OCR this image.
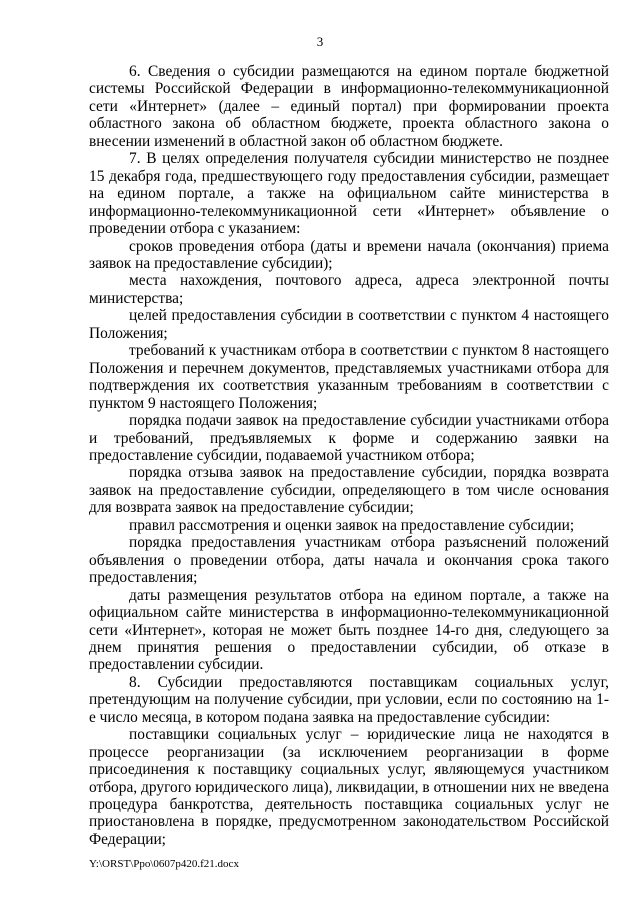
3

6. Сведения о субсидии размещаются на едином портале бюджетной системы Российской Федерации в информационно-телекоммуникационной сети «Интернет» (далее – единый портал) при формировании проекта областного закона об областном бюджете, проекта областного закона о внесении изменений в областной закон об областном бюджете.

7. В целях определения получателя субсидии министерство не позднее 15 декабря года, предшествующего году предоставления субсидии, размещает на едином портале, а также на официальном сайте министерства в информационно-телекоммуникационной сети «Интернет» объявление о проведении отбора с указанием:

сроков проведения отбора (даты и времени начала (окончания) приема заявок на предоставление субсидии);

места нахождения, почтового адреса, адреса электронной почты министерства;

целей предоставления субсидии в соответствии с пунктом 4 настоящего Положения;

требований к участникам отбора в соответствии с пунктом 8 настоящего Положения и перечнем документов, представляемых участниками отбора для подтверждения их соответствия указанным требованиям в соответствии с пунктом 9 настоящего Положения;

порядка подачи заявок на предоставление субсидии участниками отбора и требований, предъявляемых к форме и содержанию заявки на предоставление субсидии, подаваемой участником отбора;

порядка отзыва заявок на предоставление субсидии, порядка возврата заявок на предоставление субсидии, определяющего в том числе основания для возврата заявок на предоставление субсидии;

правил рассмотрения и оценки заявок на предоставление субсидии;

порядка предоставления участникам отбора разъяснений положений объявления о проведении отбора, даты начала и окончания срока такого предоставления;

даты размещения результатов отбора на едином портале, а также на официальном сайте министерства в информационно-телекоммуникационной сети «Интернет», которая не может быть позднее 14-го дня, следующего за днем принятия решения о предоставлении субсидии, об отказе в предоставлении субсидии.

8. Субсидии предоставляются поставщикам социальных услуг, претендующим на получение субсидии, при условии, если по состоянию на 1-е число месяца, в котором подана заявка на предоставление субсидии:

поставщики социальных услуг – юридические лица не находятся в процессе реорганизации (за исключением реорганизации в форме присоединения к поставщику социальных услуг, являющемуся участником отбора, другого юридического лица), ликвидации, в отношении них не введена процедура банкротства, деятельность поставщика социальных услуг не приостановлена в порядке, предусмотренном законодательством Российской Федерации;

Y:\ORST\Ppo\0607p420.f21.docx
